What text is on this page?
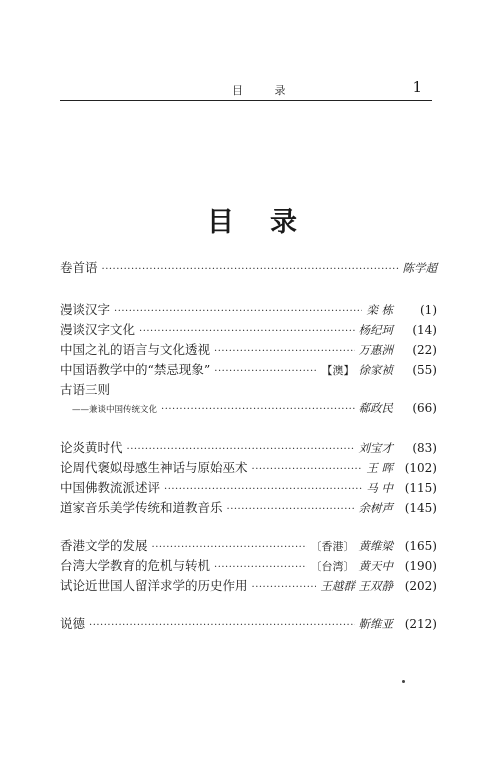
目 录	1
目录
卷首语 ·····	陈学超
漫谈汉字 ·····	栾 栋	(1)
漫谈汉字文化 ·····	杨纪珂	(14)
中国之礼的语言与文化透视 ·····	万惠洲	(22)
中国语教学中的“禁忌现象” ·····	【澳】 徐家祯	(55)
古语三则
——兼谈中国传统文化 ·····	郗政民	(66)
论炎黄时代 ·····	刘宝才	(83)
论周代褒姒母感生神话与原始巫术 ·····	王 晖 (102)
中国佛教流派述评 ·····	马 中 (115)
道家音乐美学传统和道教音乐 ·····	余树声 (145)
香港文学的发展 ·····	〔香港〕 黄维梁 (165)
台湾大学教育的危机与转机 ·····	〔台湾〕 黄天中 (190)
试论近世国人留洋求学的历史作用 ·····	王越群 王双静 (202)
说德 ·····	靳维亚 (212)
